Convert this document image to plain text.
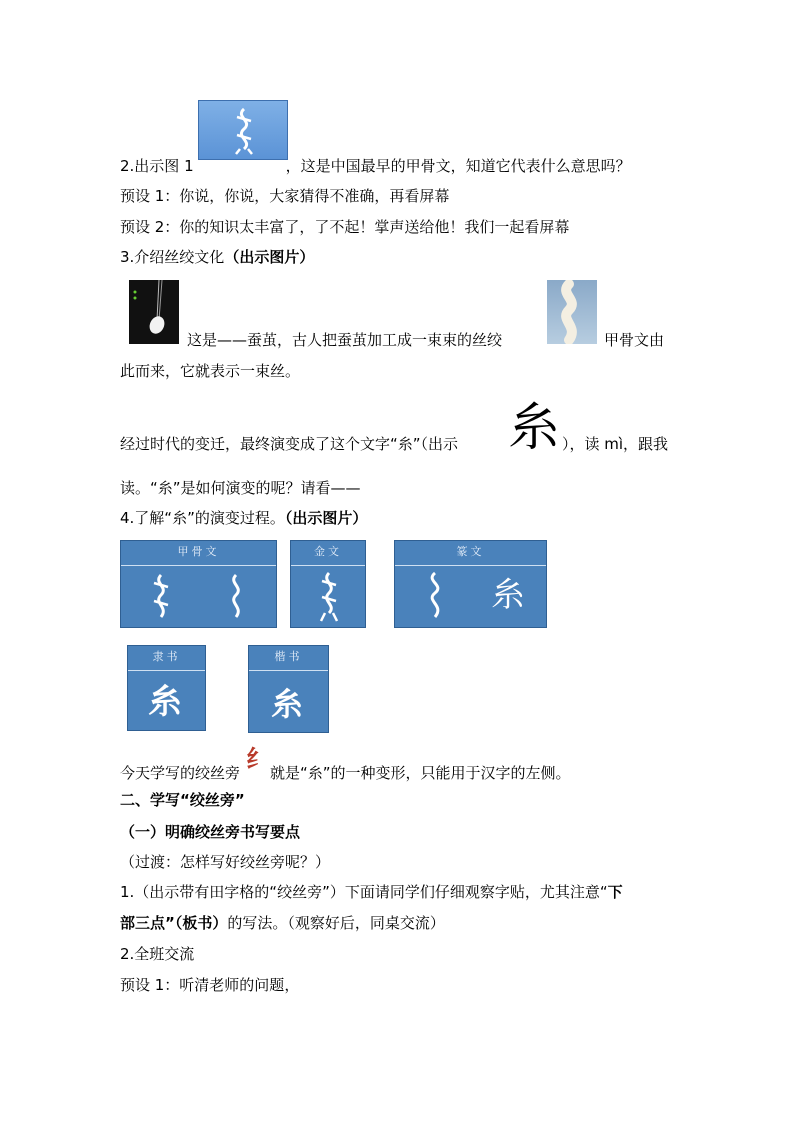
2.出示图 1	，这是中国最早的甲骨文，知道它代表什么意思吗？
预设 1：你说，你说，大家猜得不准确，再看屏幕
预设 2：你的知识太丰富了，了不起！掌声送给他！我们一起看屏幕
3.介绍丝绞文化（出示图片）
这是——蚕茧，古人把蚕茧加工成一束束的丝绞	甲骨文由
此而来，它就表示一束丝。
经过时代的变迁，最终演变成了这个文字“糸”（出示 糸 ），读 mì，跟我
读。“糸”是如何演变的呢？请看——
4.了解“糸”的演变过程。（出示图片）
甲骨文	金文	篆文
糸
隶书
糸
楷书
糸
今天学写的绞丝旁 纟 就是“糸”的一种变形，只能用于汉字的左侧。
二、学写“绞丝旁”
（一）明确绞丝旁书写要点
（过渡：怎样写好绞丝旁呢？）
1.（出示带有田字格的“绞丝旁”）下面请同学们仔细观察字贴，尤其注意“下
部三点”（板书）的写法。（观察好后，同桌交流）
2.全班交流
预设 1：听清老师的问题，
